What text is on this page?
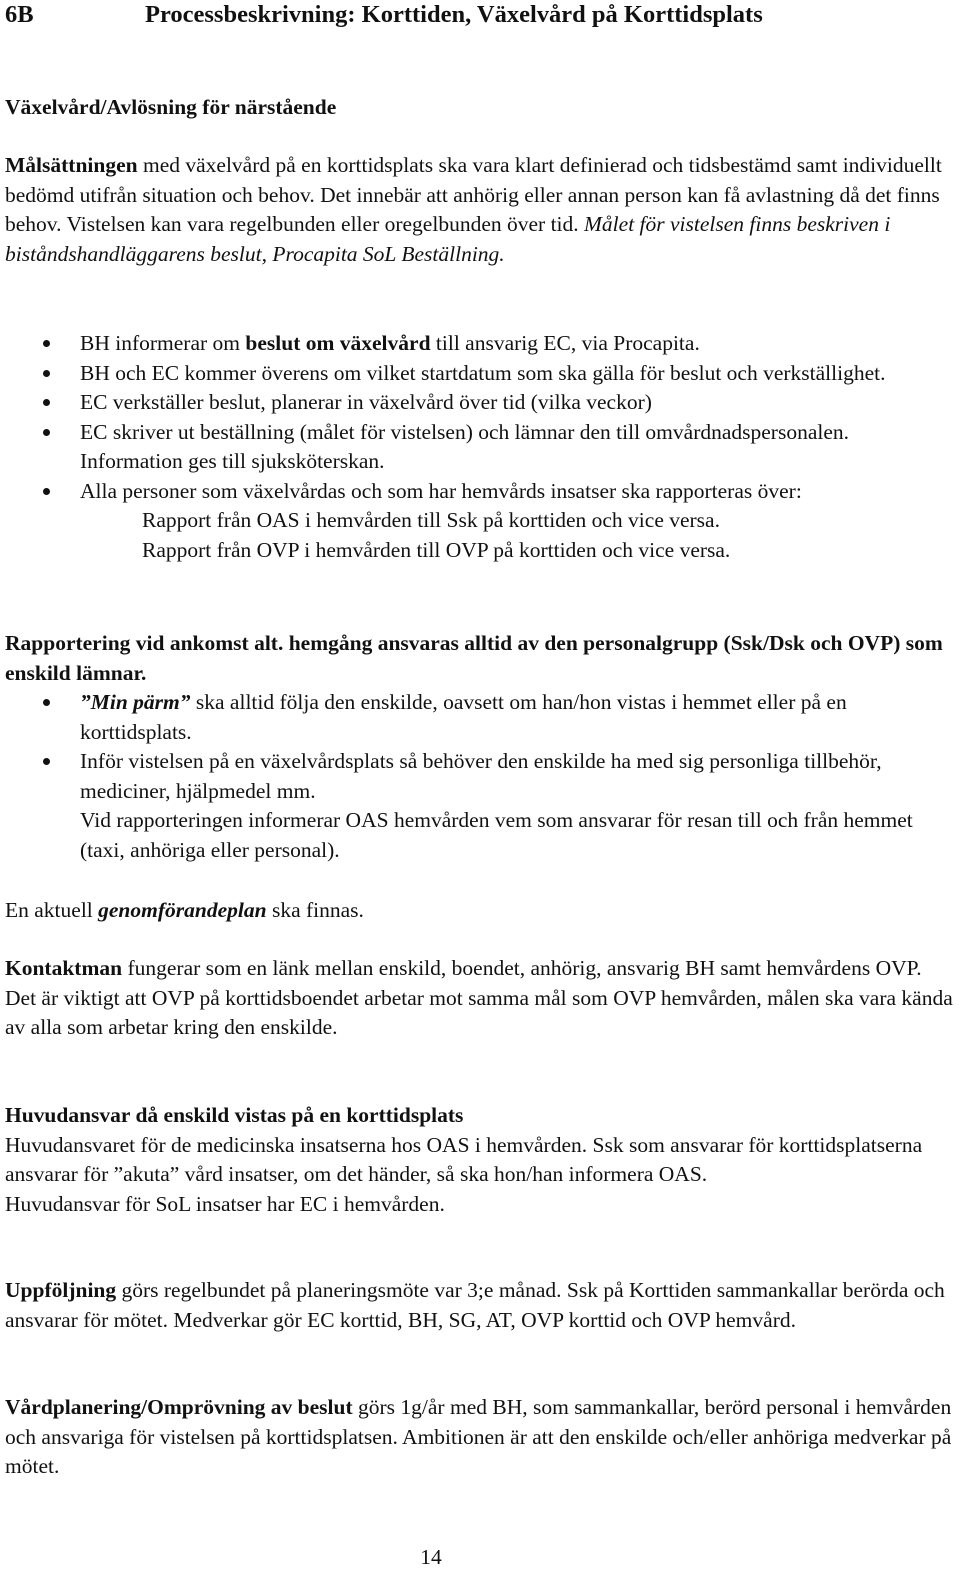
6B	Processbeskrivning: Korttiden, Växelvård på Korttidsplats

Växelvård/Avlösning för närstående

Målsättningen med växelvård på en korttidsplats ska vara klart definierad och tidsbestämd samt individuellt bedömd utifrån situation och behov. Det innebär att anhörig eller annan person kan få avlastning då det finns behov. Vistelsen kan vara regelbunden eller oregelbunden över tid. Målet för vistelsen finns beskriven i biståndshandläggarens beslut, Procapita SoL Beställning.

BH informerar om beslut om växelvård till ansvarig EC, via Procapita.
BH och EC kommer överens om vilket startdatum som ska gälla för beslut och verkställighet.
EC verkställer beslut, planerar in växelvård över tid (vilka veckor)
EC skriver ut beställning (målet för vistelsen) och lämnar den till omvårdnadspersonalen. Information ges till sjuksköterskan.
Alla personer som växelvårdas och som har hemvårds insatser ska rapporteras över:

Rapport från OAS i hemvården till Ssk på korttiden och vice versa.

Rapport från OVP i hemvården till OVP på korttiden och vice versa.

Rapportering vid ankomst alt. hemgång ansvaras alltid av den personalgrupp (Ssk/Dsk och OVP) som enskild lämnar.

”Min pärm” ska alltid följa den enskilde, oavsett om han/hon vistas i hemmet eller på en korttidsplats.
Inför vistelsen på en växelvårdsplats så behöver den enskilde ha med sig personliga tillbehör, mediciner, hjälpmedel mm.

Vid rapporteringen informerar OAS hemvården vem som ansvarar för resan till och från hemmet (taxi, anhöriga eller personal).

En aktuell genomförandeplan ska finnas.

Kontaktman fungerar som en länk mellan enskild, boendet, anhörig, ansvarig BH samt hemvårdens OVP.

Det är viktigt att OVP på korttidsboendet arbetar mot samma mål som OVP hemvården, målen ska vara kända av alla som arbetar kring den enskilde.

Huvudansvar då enskild vistas på en korttidsplats

Huvudansvaret för de medicinska insatserna hos OAS i hemvården. Ssk som ansvarar för korttidsplatserna ansvarar för ”akuta” vård insatser, om det händer, så ska hon/han informera OAS.

Huvudansvar för SoL insatser har EC i hemvården.

Uppföljning görs regelbundet på planeringsmöte var 3;e månad. Ssk på Korttiden sammankallar berörda och ansvarar för mötet. Medverkar gör EC korttid, BH, SG, AT, OVP korttid och OVP hemvård.

Vårdplanering/Omprövning av beslut görs 1g/år med BH, som sammankallar, berörd personal i hemvården och ansvariga för vistelsen på korttidsplatsen. Ambitionen är att den enskilde och/eller anhöriga medverkar på mötet.

14
